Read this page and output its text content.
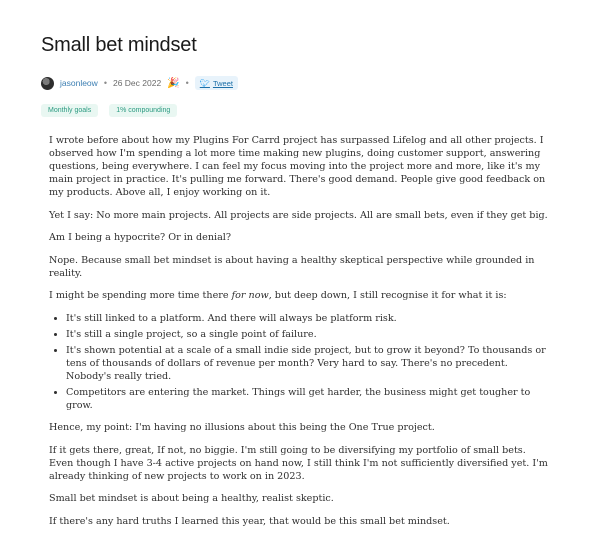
Small bet mindset
jasonleow • 26 Dec 2022 🎉 • 🐦︎ Tweet
Monthly goals	1% compounding

I wrote before about how my Plugins For Carrd project has surpassed Lifelog and all other projects. I observed how I'm spending a lot more time making new plugins, doing customer support, answering questions, being everywhere. I can feel my focus moving into the project more and more, like it's my main project in practice. It's pulling me forward. There's good demand. People give good feedback on my products. Above all, I enjoy working on it.

Yet I say: No more main projects. All projects are side projects. All are small bets, even if they get big.

Am I being a hypocrite? Or in denial?

Nope. Because small bet mindset is about having a healthy skeptical perspective while grounded in reality.

I might be spending more time there for now, but deep down, I still recognise it for what it is:

• It's still linked to a platform. And there will always be platform risk.
• It's still a single project, so a single point of failure.
• It's shown potential at a scale of a small indie side project, but to grow it beyond? To thousands or tens of thousands of dollars of revenue per month? Very hard to say. There's no precedent. Nobody's really tried.
• Competitors are entering the market. Things will get harder, the business might get tougher to grow.

Hence, my point: I'm having no illusions about this being the One True project.

If it gets there, great, If not, no biggie. I'm still going to be diversifying my portfolio of small bets. Even though I have 3-4 active projects on hand now, I still think I'm not sufficiently diversified yet. I'm already thinking of new projects to work on in 2023.

Small bet mindset is about being a healthy, realist skeptic.

If there's any hard truths I learned this year, that would be this small bet mindset.
